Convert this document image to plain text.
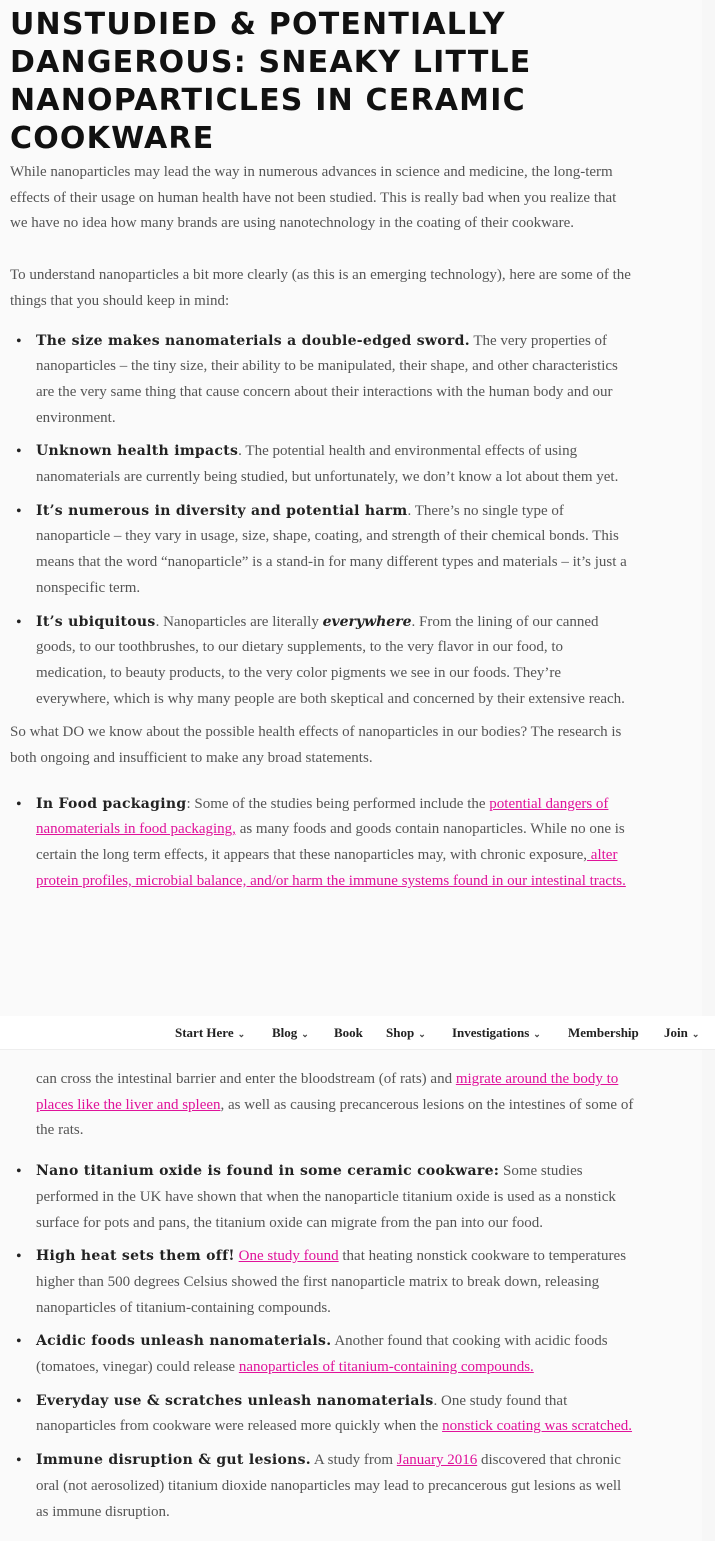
UNSTUDIED & POTENTIALLY DANGEROUS: SNEAKY LITTLE NANOPARTICLES IN CERAMIC COOKWARE

While nanoparticles may lead the way in numerous advances in science and medicine, the long-term effects of their usage on human health have not been studied. This is really bad when you realize that we have no idea how many brands are using nanotechnology in the coating of their cookware.

To understand nanoparticles a bit more clearly (as this is an emerging technology), here are some of the things that you should keep in mind:

• The size makes nanomaterials a double-edged sword. The very properties of nanoparticles – the tiny size, their ability to be manipulated, their shape, and other characteristics are the very same thing that cause concern about their interactions with the human body and our environment.
• Unknown health impacts. The potential health and environmental effects of using nanomaterials are currently being studied, but unfortunately, we don’t know a lot about them yet.
• It’s numerous in diversity and potential harm. There’s no single type of nanoparticle – they vary in usage, size, shape, coating, and strength of their chemical bonds. This means that the word “nanoparticle” is a stand-in for many different types and materials – it’s just a nonspecific term.
• It’s ubiquitous. Nanoparticles are literally everywhere. From the lining of our canned goods, to our toothbrushes, to our dietary supplements, to the very flavor in our food, to medication, to beauty products, to the very color pigments we see in our foods. They’re everywhere, which is why many people are both skeptical and concerned by their extensive reach.

So what DO we know about the possible health effects of nanoparticles in our bodies? The research is both ongoing and insufficient to make any broad statements.

• In Food packaging: Some of the studies being performed include the potential dangers of nanomaterials in food packaging, as many foods and goods contain nanoparticles. While no one is certain the long term effects, it appears that these nanoparticles may, with chronic exposure, alter protein profiles, microbial balance, and/or harm the immune systems found in our intestinal tracts.

can cross the intestinal barrier and enter the bloodstream (of rats) and migrate around the body to places like the liver and spleen, as well as causing precancerous lesions on the intestines of some of the rats.

• Nano titanium oxide is found in some ceramic cookware: Some studies performed in the UK have shown that when the nanoparticle titanium oxide is used as a nonstick surface for pots and pans, the titanium oxide can migrate from the pan into our food.
• High heat sets them off! One study found that heating nonstick cookware to temperatures higher than 500 degrees Celsius showed the first nanoparticle matrix to break down, releasing nanoparticles of titanium-containing compounds.
• Acidic foods unleash nanomaterials. Another found that cooking with acidic foods (tomatoes, vinegar) could release nanoparticles of titanium-containing compounds.
• Everyday use & scratches unleash nanomaterials. One study found that nanoparticles from cookware were released more quickly when the nonstick coating was scratched.
• Immune disruption & gut lesions. A study from January 2016 discovered that chronic oral (not aerosolized) titanium dioxide nanoparticles may lead to precancerous gut lesions as well as immune disruption.
Start Here ⌄ Blog ⌄ Book Shop ⌄ Investigations ⌄ Membership Join ⌄
